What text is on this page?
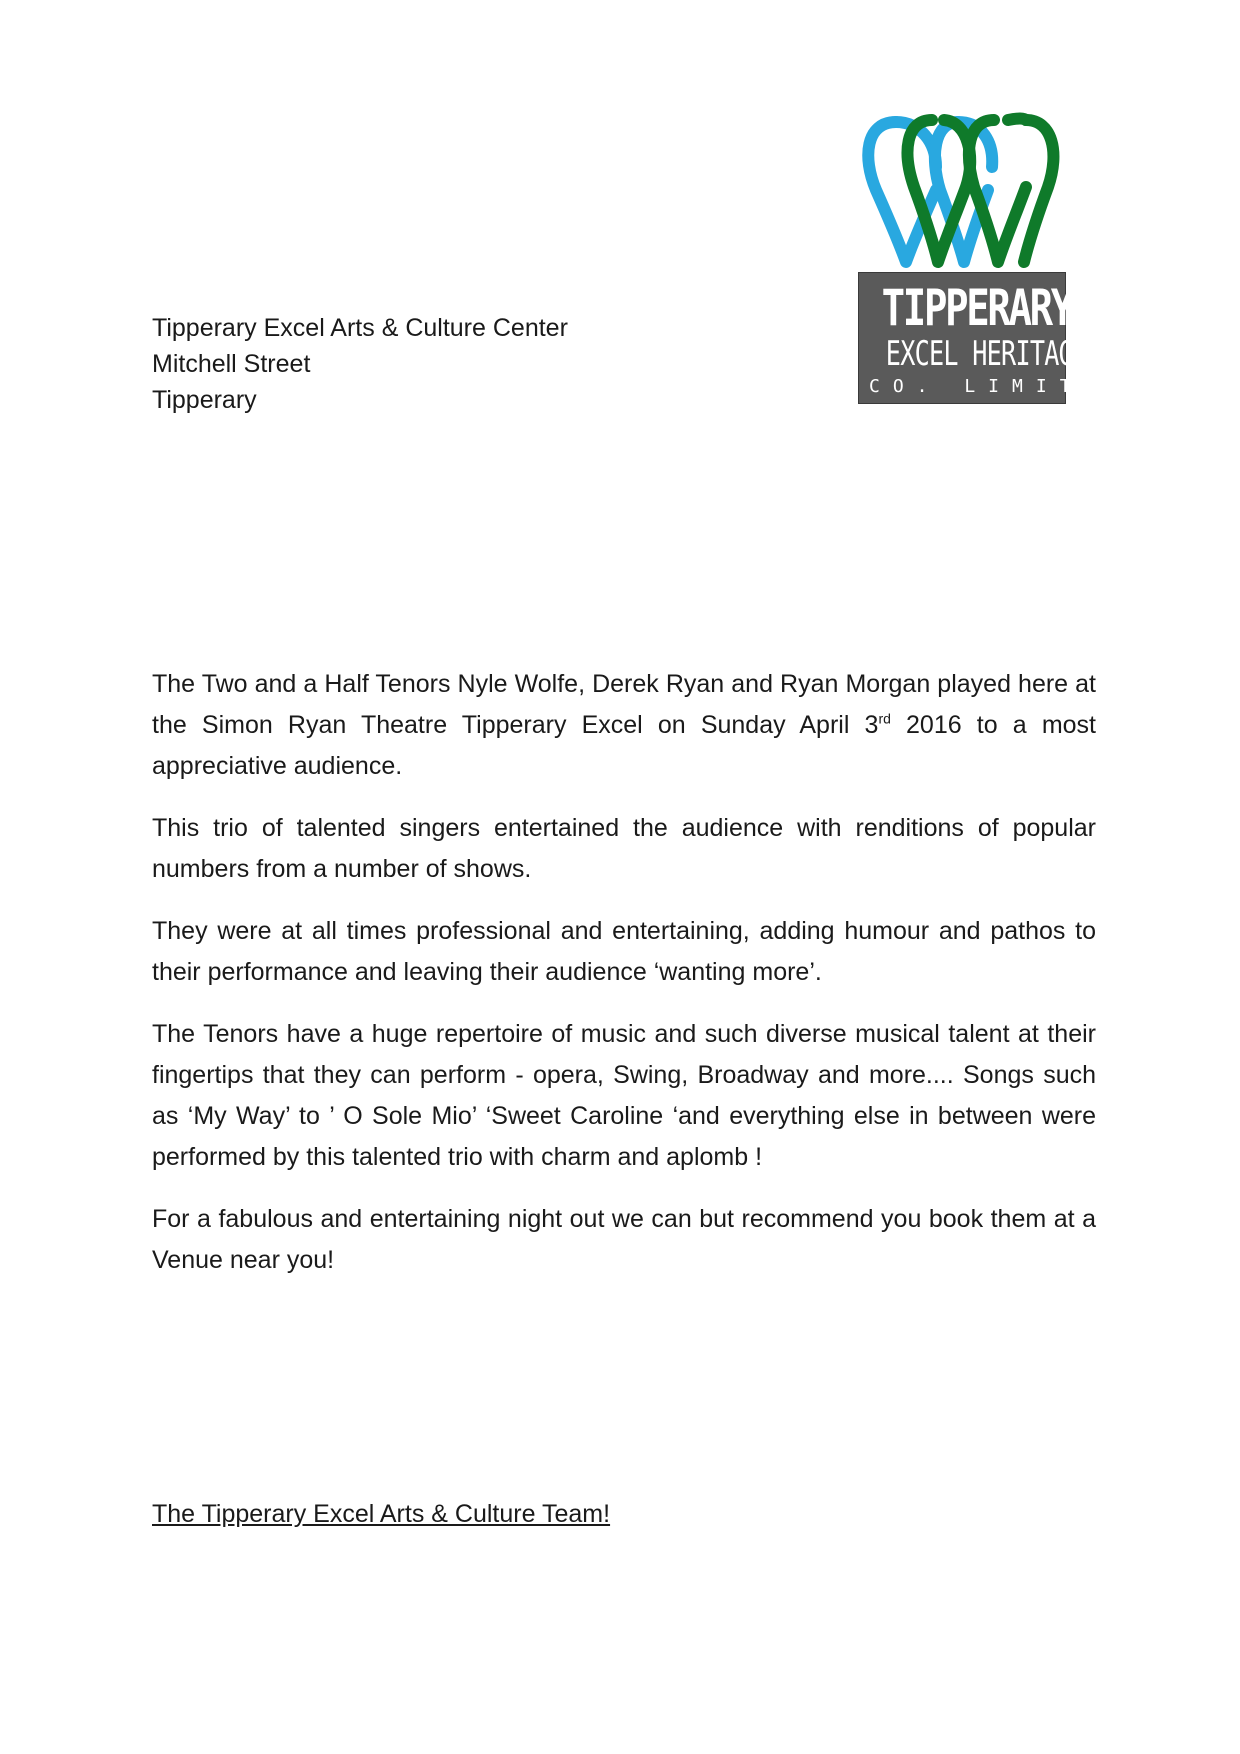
TIPPERARY
EXCEL HERITAGE
CO. LIMITED
Tipperary Excel Arts & Culture Center
Mitchell Street
Tipperary

The Two and a Half Tenors Nyle Wolfe, Derek Ryan and Ryan Morgan played here at the Simon Ryan Theatre Tipperary Excel on Sunday April 3rd 2016 to a most appreciative audience.

This trio of talented singers entertained the audience with renditions of popular numbers from a number of shows.

They were at all times professional and entertaining, adding humour and pathos to their performance and leaving their audience ‘wanting more’.

The Tenors have a huge repertoire of music and such diverse musical talent at their fingertips that they can perform - opera, Swing, Broadway and more.... Songs such as ‘My Way’ to ’ O Sole Mio’ ‘Sweet Caroline ‘and everything else in between were performed by this talented trio with charm and aplomb !

For a fabulous and entertaining night out we can but recommend you book them at a Venue near you!

The Tipperary Excel Arts & Culture Team!
